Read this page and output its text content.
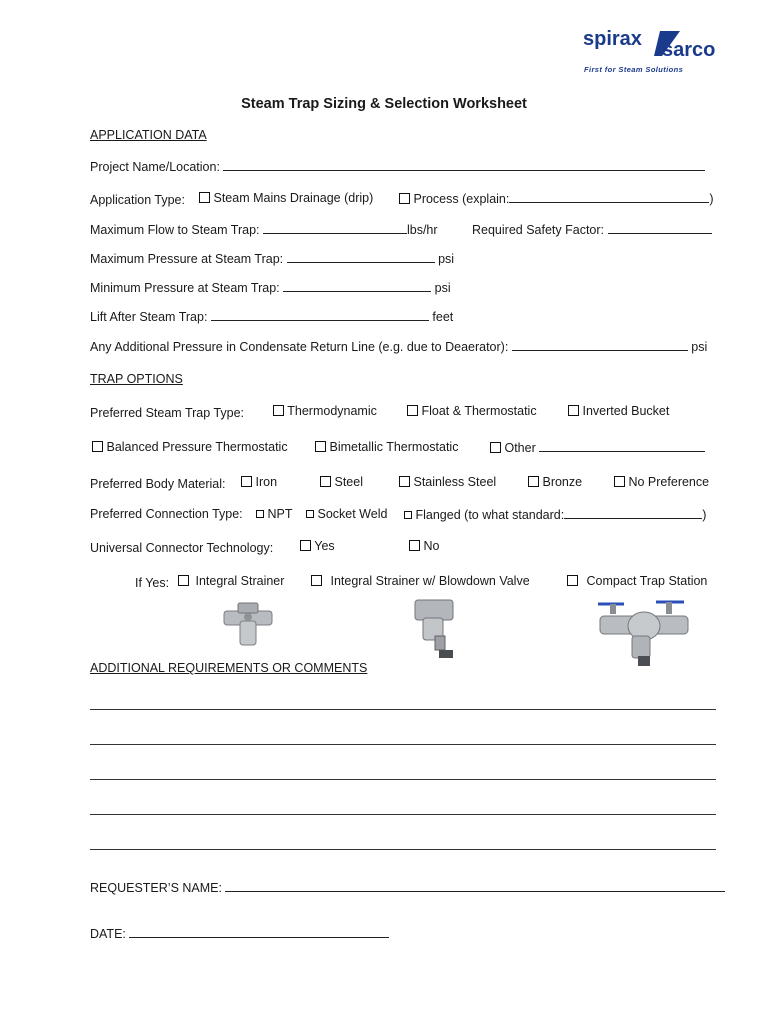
spirax sarco
First for Steam Solutions
Steam Trap Sizing & Selection Worksheet
APPLICATION DATA
Project Name/Location:
Application Type:	Steam Mains Drainage (drip)	Process (explain:	)
Maximum Flow to Steam Trap:	lbs/hr	Required Safety Factor:
Maximum Pressure at Steam Trap:	psi
Minimum Pressure at Steam Trap:	psi
Lift After Steam Trap:	feet
Any Additional Pressure in Condensate Return Line (e.g. due to Deaerator):	psi
TRAP OPTIONS
Preferred Steam Trap Type:	Thermodynamic	Float & Thermostatic	Inverted Bucket
Balanced Pressure Thermostatic	Bimetallic Thermostatic	Other
Preferred Body Material:	Iron	Steel	Stainless Steel	Bronze	No Preference
Preferred Connection Type:	NPT	Socket Weld	Flanged (to what standard:	)
Universal Connector Technology:	Yes	No
If Yes:	Integral Strainer	Integral Strainer w/ Blowdown Valve	Compact Trap Station
ADDITIONAL REQUIREMENTS OR COMMENTS
REQUESTER’S NAME:
DATE:
